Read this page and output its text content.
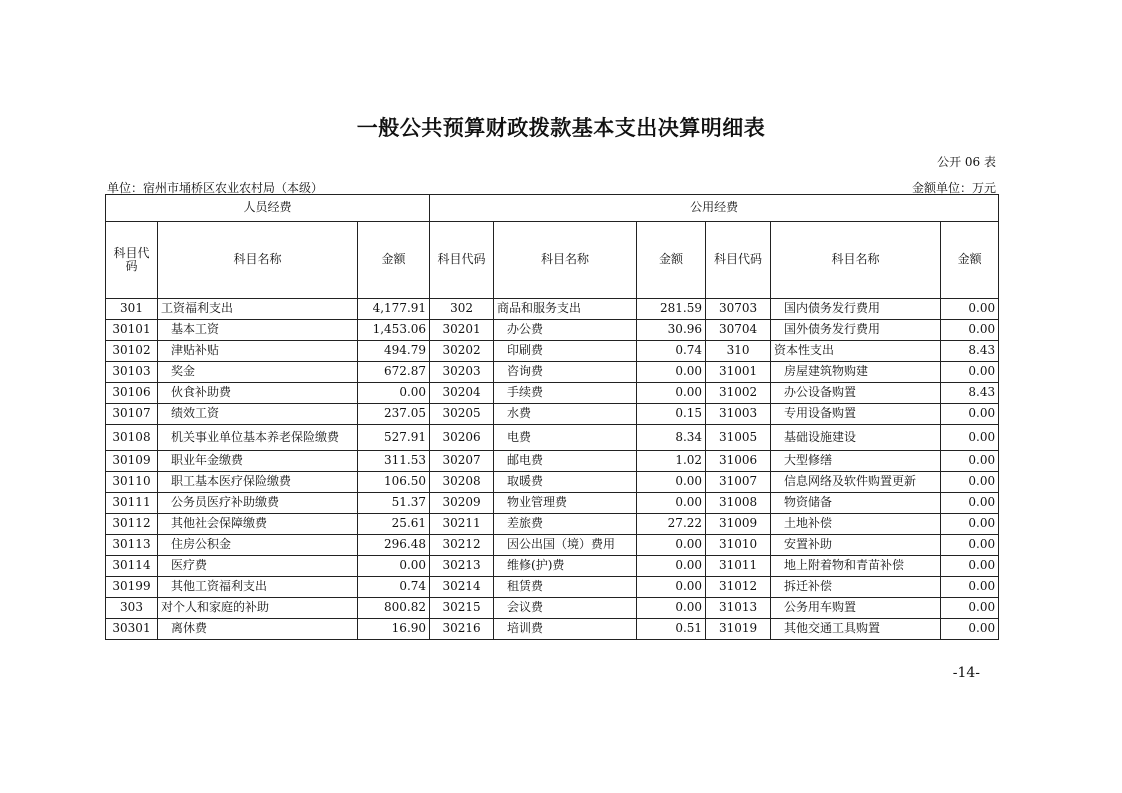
一般公共预算财政拨款基本支出决算明细表
公开 06 表
单位：宿州市埇桥区农业农村局（本级）	金额单位：万元
人员经费			公用经费					
科目代码	科目名称	金额	科目代码	科目名称	金额	科目代码	科目名称	金额
301	工资福利支出	4,177.91	302	商品和服务支出	281.59	30703	国内债务发行费用	0.00
30101	基本工资	1,453.06	30201	办公费	30.96	30704	国外债务发行费用	0.00
30102	津贴补贴	494.79	30202	印刷费	0.74	310	资本性支出	8.43
30103	奖金	672.87	30203	咨询费	0.00	31001	房屋建筑物购建	0.00
30106	伙食补助费	0.00	30204	手续费	0.00	31002	办公设备购置	8.43
30107	绩效工资	237.05	30205	水费	0.15	31003	专用设备购置	0.00
30108	机关事业单位基本养老保险缴费	527.91	30206	电费	8.34	31005	基础设施建设	0.00
30109	职业年金缴费	311.53	30207	邮电费	1.02	31006	大型修缮	0.00
30110	职工基本医疗保险缴费	106.50	30208	取暖费	0.00	31007	信息网络及软件购置更新	0.00
30111	公务员医疗补助缴费	51.37	30209	物业管理费	0.00	31008	物资储备	0.00
30112	其他社会保障缴费	25.61	30211	差旅费	27.22	31009	土地补偿	0.00
30113	住房公积金	296.48	30212	因公出国（境）费用	0.00	31010	安置补助	0.00
30114	医疗费	0.00	30213	维修(护)费	0.00	31011	地上附着物和青苗补偿	0.00
30199	其他工资福利支出	0.74	30214	租赁费	0.00	31012	拆迁补偿	0.00
303	对个人和家庭的补助	800.82	30215	会议费	0.00	31013	公务用车购置	0.00
30301	离休费	16.90	30216	培训费	0.51	31019	其他交通工具购置	0.00
-14-
